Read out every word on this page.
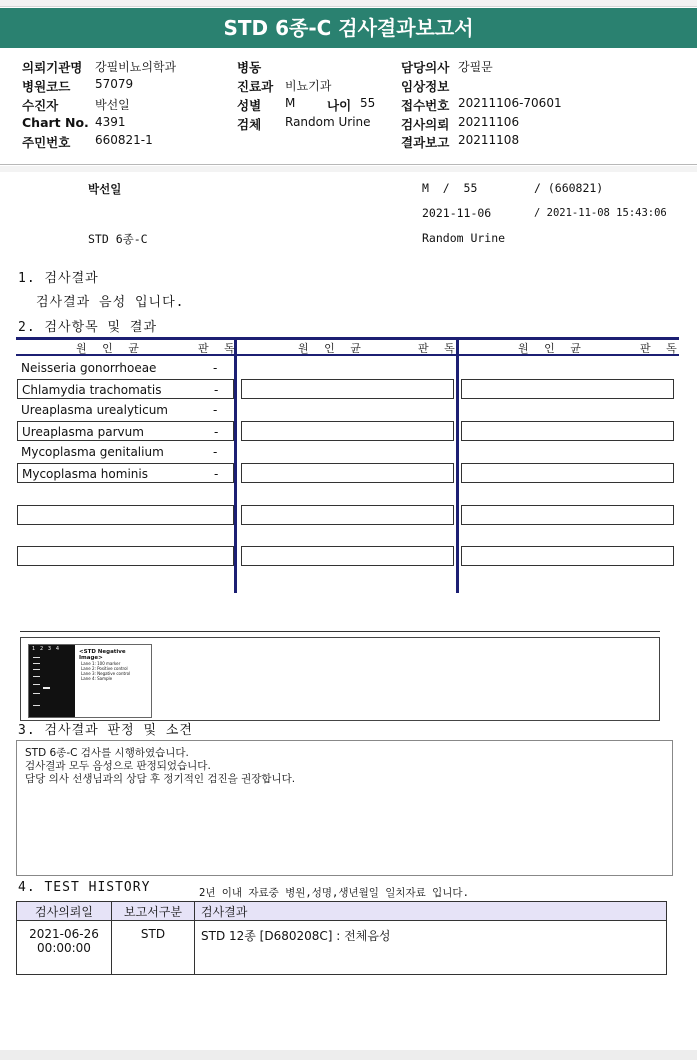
STD 6종-C 검사결과보고서
의뢰기관명 강필비뇨의학과
병원코드 57079
수진자	박선일
Chart No. 4391
주민번호 660821-1
병동
진료과 비뇨기과
성별 M	나이 55
검체 Random Urine
담당의사 강필문
임상정보
접수번호 20211106-70601
검사의뢰 20211106
결과보고 20211108
박선일	M  /  55	/ (660821)
2021-11-06	/ 2021-11-08 15:43:06
STD 6종-C	Random Urine
1. 검사결과
검사결과 음성 입니다.
2. 검사항목 및 결과
원 인 균	판 독	원 인 균	판 독	원 인 균	판 독
Neisseria gonorrhoeae	-
Chlamydia trachomatis	-
Ureaplasma urealyticum	-
Ureaplasma parvum	-
Mycoplasma genitalium	-
Mycoplasma hominis	-
1   2   3   4	<STD Negative Image>
Lane 1: 100 marker
Lane 2: Positive control
Lane 3: Negative control
Lane 4: Sample
3. 검사결과 판정 및 소견
STD 6종-C 검사를 시행하였습니다.
검사결과 모두 음성으로 판정되었습니다.
담당 의사 선생님과의 상담 후 정기적인 검진을 권장합니다.
4. TEST HISTORY	2년 이내 자료중 병원,성명,생년월일 일치자료 입니다.
검사의뢰일	보고서구분	검사결과

2021-06-26
00:00:00	STD	STD 12종 [D680208C] : 전체음성
